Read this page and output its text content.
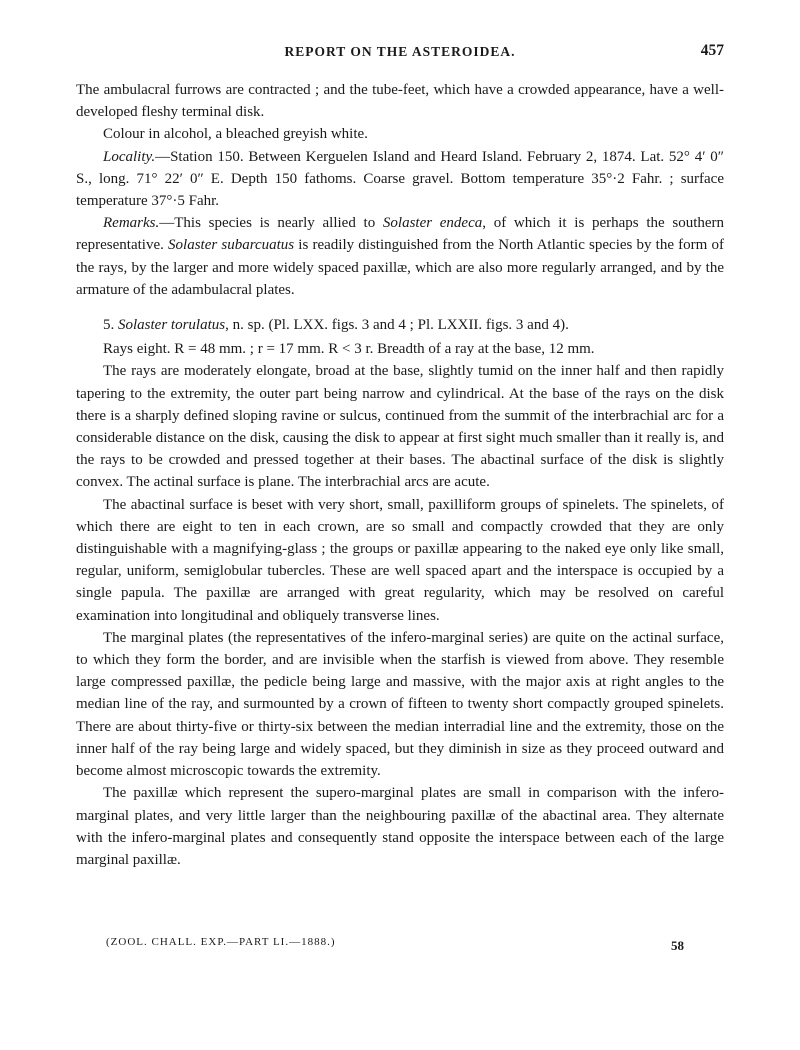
REPORT ON THE ASTEROIDEA.	457

The ambulacral furrows are contracted ; and the tube-feet, which have a crowded appearance, have a well-developed fleshy terminal disk.

Colour in alcohol, a bleached greyish white.

Locality.—Station 150. Between Kerguelen Island and Heard Island. February 2, 1874. Lat. 52° 4′ 0″ S., long. 71° 22′ 0″ E. Depth 150 fathoms. Coarse gravel. Bottom temperature 35°·2 Fahr. ; surface temperature 37°·5 Fahr.

Remarks.—This species is nearly allied to Solaster endeca, of which it is perhaps the southern representative. Solaster subarcuatus is readily distinguished from the North Atlantic species by the form of the rays, by the larger and more widely spaced paxillæ, which are also more regularly arranged, and by the armature of the adambulacral plates.

5. Solaster torulatus, n. sp. (Pl. LXX. figs. 3 and 4 ; Pl. LXXII. figs. 3 and 4).

Rays eight. R = 48 mm. ; r = 17 mm. R < 3 r. Breadth of a ray at the base, 12 mm.

The rays are moderately elongate, broad at the base, slightly tumid on the inner half and then rapidly tapering to the extremity, the outer part being narrow and cylindrical. At the base of the rays on the disk there is a sharply defined sloping ravine or sulcus, continued from the summit of the interbrachial arc for a considerable distance on the disk, causing the disk to appear at first sight much smaller than it really is, and the rays to be crowded and pressed together at their bases. The abactinal surface of the disk is slightly convex. The actinal surface is plane. The interbrachial arcs are acute.

The abactinal surface is beset with very short, small, paxilliform groups of spinelets. The spinelets, of which there are eight to ten in each crown, are so small and compactly crowded that they are only distinguishable with a magnifying-glass ; the groups or paxillæ appearing to the naked eye only like small, regular, uniform, semiglobular tubercles. These are well spaced apart and the interspace is occupied by a single papula. The paxillæ are arranged with great regularity, which may be resolved on careful examination into longitudinal and obliquely transverse lines.

The marginal plates (the representatives of the infero-marginal series) are quite on the actinal surface, to which they form the border, and are invisible when the starfish is viewed from above. They resemble large compressed paxillæ, the pedicle being large and massive, with the major axis at right angles to the median line of the ray, and surmounted by a crown of fifteen to twenty short compactly grouped spinelets. There are about thirty-five or thirty-six between the median interradial line and the extremity, those on the inner half of the ray being large and widely spaced, but they diminish in size as they proceed outward and become almost microscopic towards the extremity.

The paxillæ which represent the supero-marginal plates are small in comparison with the infero-marginal plates, and very little larger than the neighbouring paxillæ of the abactinal area. They alternate with the infero-marginal plates and consequently stand opposite the interspace between each of the large marginal paxillæ.

(ZOOL. CHALL. EXP.—PART LI.—1888.)	58
